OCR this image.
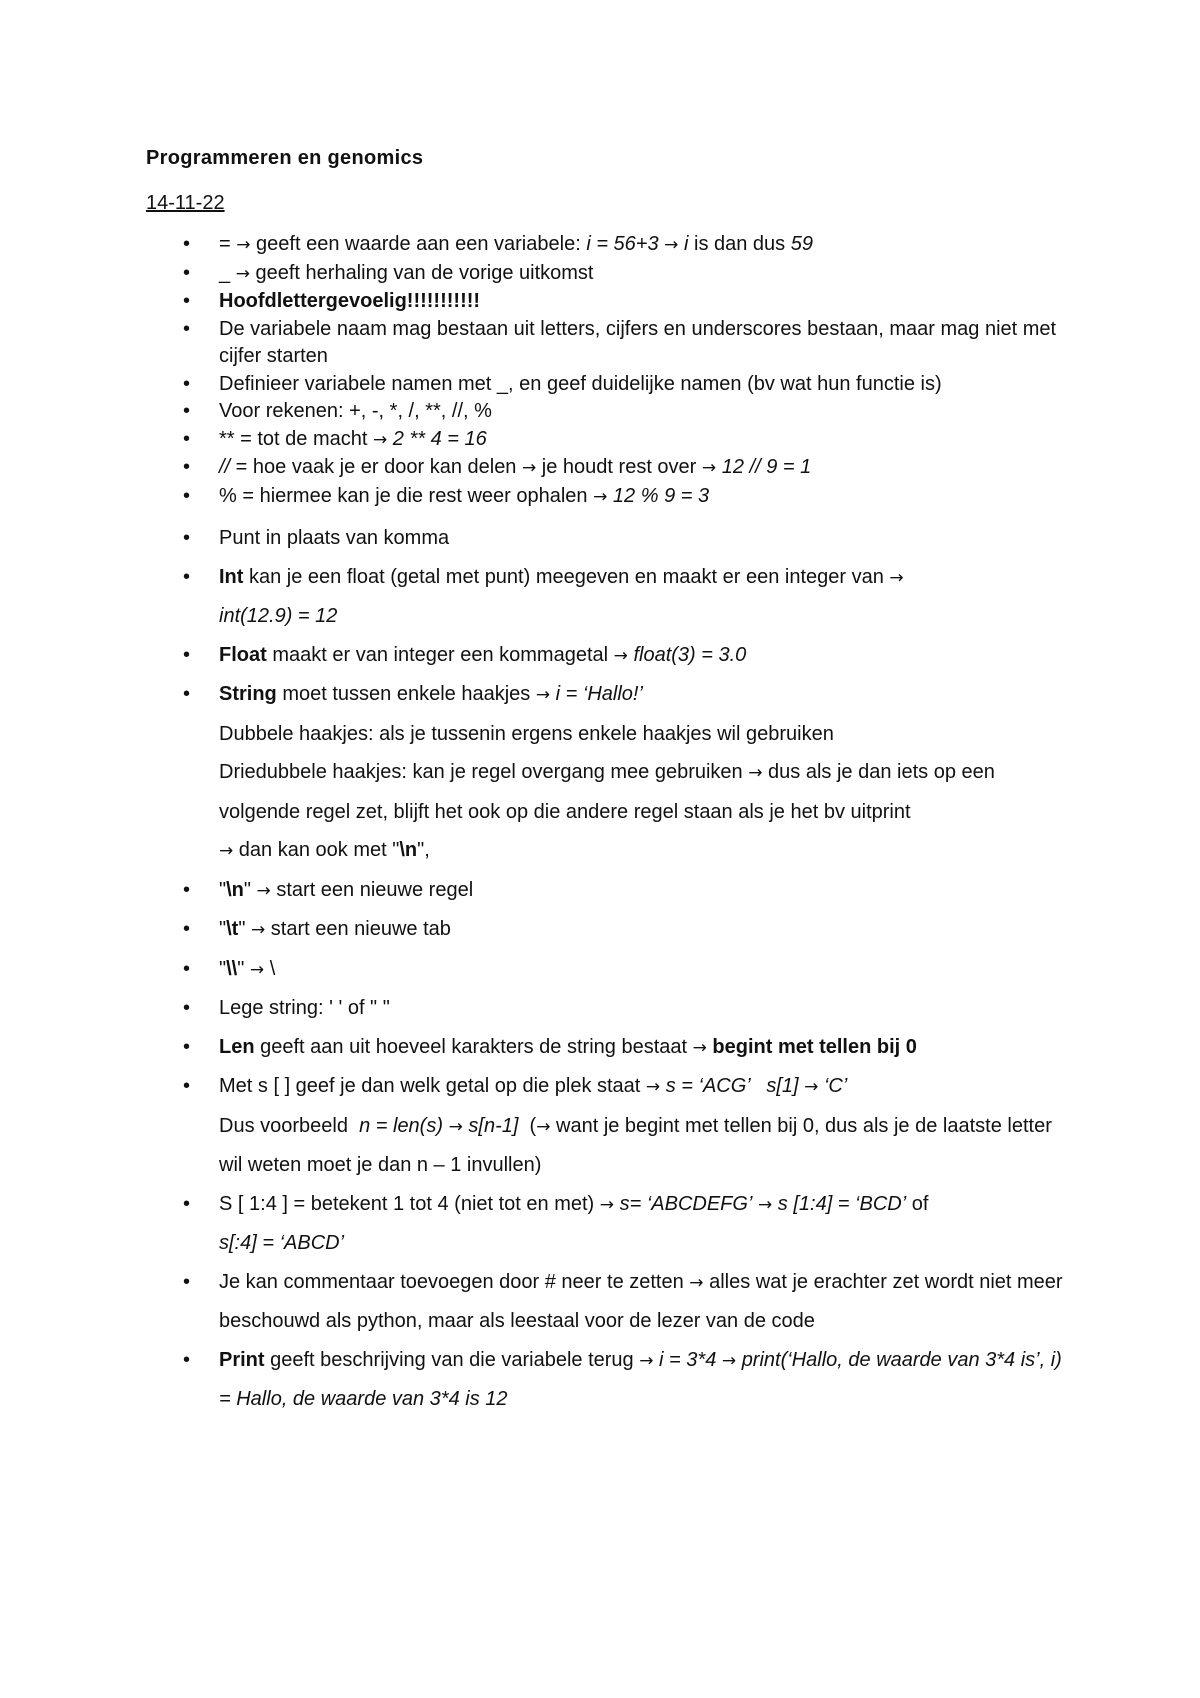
Programmeren en genomics
14-11-22
• = → geeft een waarde aan een variabele: i = 56+3 → i is dan dus 59
• _ → geeft herhaling van de vorige uitkomst
• Hoofdlettergevoelig!!!!!!!!!!!
• De variabele naam mag bestaan uit letters, cijfers en underscores bestaan, maar mag niet met cijfer starten
• Definieer variabele namen met _, en geef duidelijke namen (bv wat hun functie is)
• Voor rekenen: +, -, *, /, **, //, %
• ** = tot de macht → 2 ** 4 = 16
• // = hoe vaak je er door kan delen → je houdt rest over → 12 // 9 = 1
• % = hiermee kan je die rest weer ophalen → 12 % 9 = 3
• Punt in plaats van komma
• Int kan je een float (getal met punt) meegeven en maakt er een integer van →
int(12.9) = 12
• Float maakt er van integer een kommagetal → float(3) = 3.0
• String moet tussen enkele haakjes → i = ‘Hallo!’
Dubbele haakjes: als je tussenin ergens enkele haakjes wil gebruiken
Driedubbele haakjes: kan je regel overgang mee gebruiken → dus als je dan iets op een volgende regel zet, blijft het ook op die andere regel staan als je het bv uitprint
→ dan kan ook met "\n",
• "\n" → start een nieuwe regel
• "\t" → start een nieuwe tab
• "\\" → \
• Lege string: ' ' of " "
• Len geeft aan uit hoeveel karakters de string bestaat → begint met tellen bij 0
• Met s [ ] geef je dan welk getal op die plek staat → s = ‘ACG’   s[1] → ‘C’
Dus voorbeeld  n = len(s) → s[n-1]  (→ want je begint met tellen bij 0, dus als je de laatste letter wil weten moet je dan n – 1 invullen)
• S [ 1:4 ] = betekent 1 tot 4 (niet tot en met) → s= ‘ABCDEFG’ → s [1:4] = ‘BCD’ of
s[:4] = ‘ABCD’
• Je kan commentaar toevoegen door # neer te zetten → alles wat je erachter zet wordt niet meer beschouwd als python, maar als leestaal voor de lezer van de code
• Print geeft beschrijving van die variabele terug → i = 3*4 → print(‘Hallo, de waarde van 3*4 is’, i) = Hallo, de waarde van 3*4 is 12
